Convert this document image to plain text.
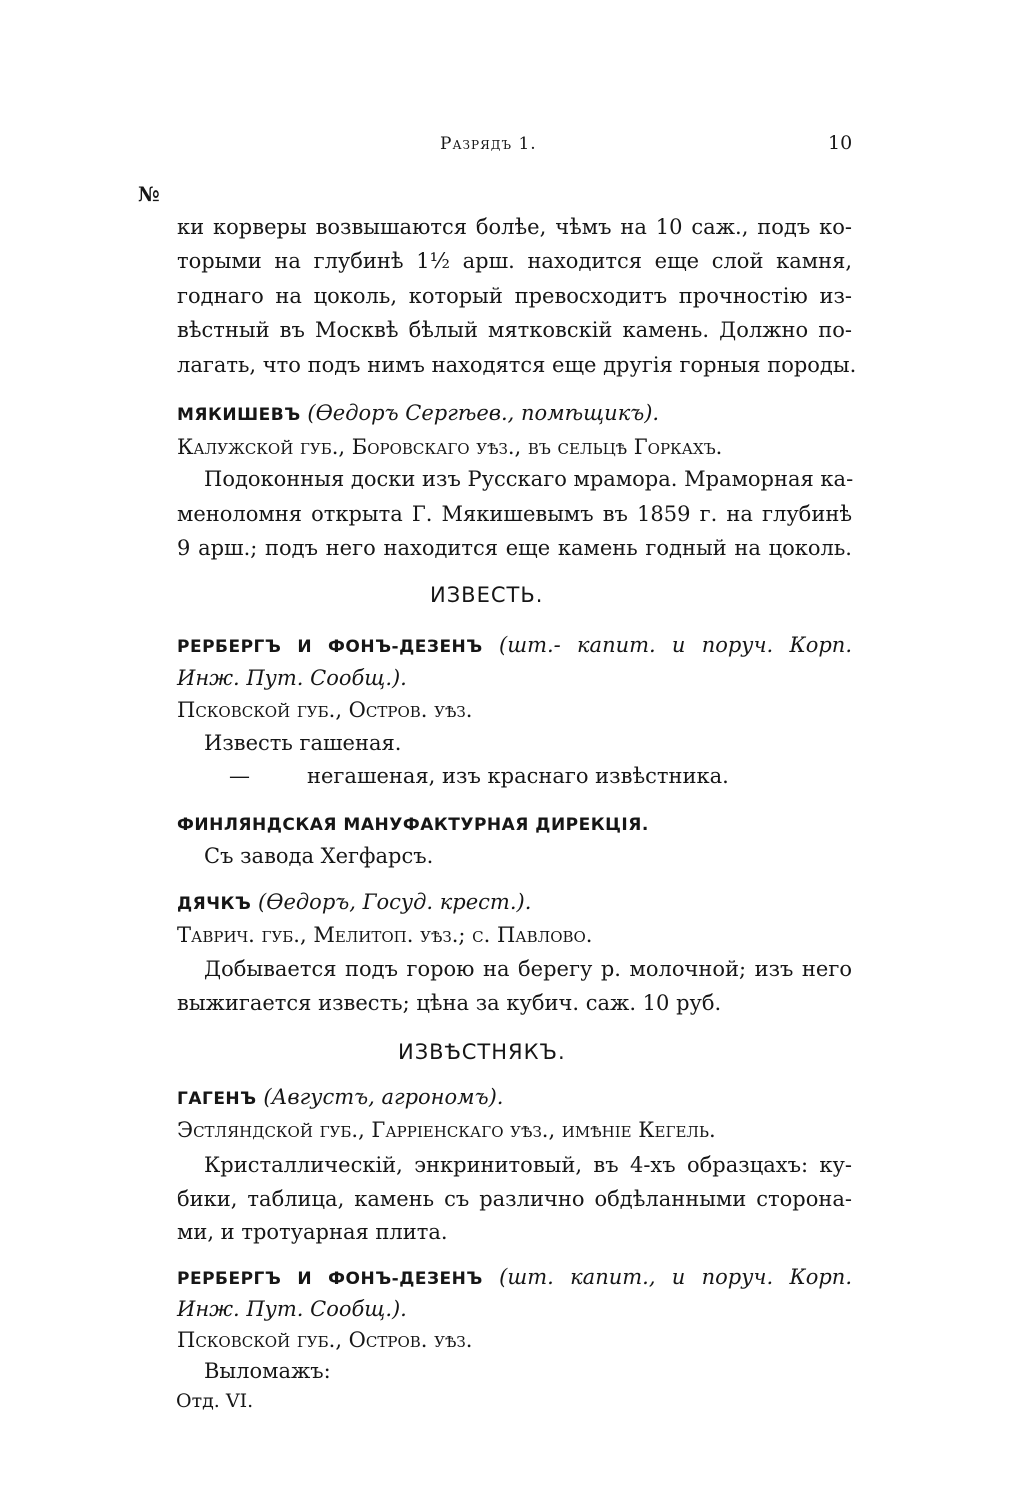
Разрядъ 1.	10
№
ки корверы возвышаются болѣе, чѣмъ на 10 саж., подъ ко-
торыми на глубинѣ 1½ арш. находится еще слой камня,
годнаго на цоколь, который превосходитъ прочностію из-
вѣстный въ Москвѣ бѣлый мятковскій камень. Должно по-
лагать, что подъ нимъ находятся еще другія горныя породы.
МЯКИШЕВЪ (Ѳедоръ Сергѣев., помѣщикъ).
Калужской губ., Боровскаго уѣз., въ сельцѣ Горкахъ.
Подоконныя доски изъ Русскаго мрамора. Мраморная ка-
меноломня открыта Г. Мякишевымъ въ 1859 г. на глубинѣ
9 арш.; подъ него находится еще камень годный на цоколь.
ИЗВЕСТЬ.
РЕРБЕРГЪ И ФОНЪ-ДЕЗЕНЪ (шт.- капит. и поруч. Корп.
Инж. Пут. Сообщ.).
Псковской губ., Остров. уѣз.
Известь гашеная.
—	негашеная, изъ краснаго извѣстника.
ФИНЛЯНДСКАЯ МАНУФАКТУРНАЯ ДИРЕКЦІЯ.
Съ завода Хегфарсъ.
ДЯЧКЪ (Ѳедоръ, Госуд. крест.).
Таврич. губ., Мелитоп. уѣз.; с. Павлово.
Добывается подъ горою на берегу р. молочной; изъ него
выжигается известь; цѣна за кубич. саж. 10 руб.
ИЗВѢСТНЯКЪ.
ГАГЕНЪ (Августъ, агрономъ).
Эстляндской губ., Гаррiенскаго уѣз., имѣніе Кегель.
Кристаллическій, энкринитовый, въ 4-хъ образцахъ: ку-
бики, таблица, камень съ различно обдѣланными сторона-
ми, и тротуарная плита.
РЕРБЕРГЪ И ФОНЪ-ДЕЗЕНЪ (шт. капит., и поруч. Корп.
Инж. Пут. Сообщ.).
Псковской губ., Остров. уѣз.
Выломажъ:
Отд. VI.
